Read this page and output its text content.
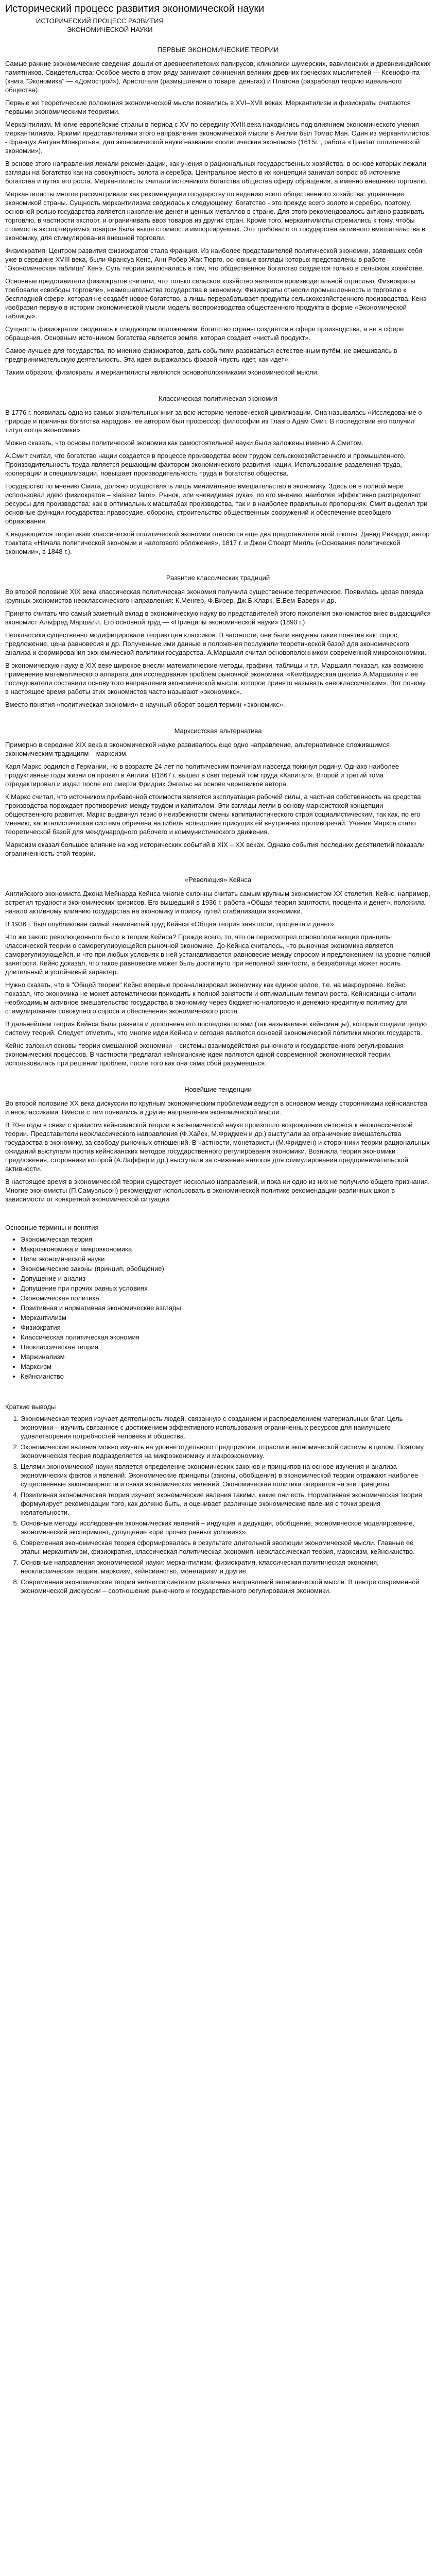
Исторический процесс развития экономической науки
ИСТОРИЧЕСКИЙ ПРОЦЕСС РАЗВИТИЯ
ЭКОНОМИЧЕСКОЙ НАУКИ
ПЕРВЫЕ ЭКОНОМИЧЕСКИЕ ТЕОРИИ

Самые ранние экономические сведения дошли от древнеегипетских папирусов, клинописи шумерских, вавилонских и древнеиндийских памятников. Свидетельства: Особое место в этом ряду занимают сочинения великих древних греческих мыслителей — Ксенофонта (книга "Экономика" — «Домострой»), Аристотеля (размышления о товаре, деньгах) и Платона (разработал теорию идеального общества).

Первые же теоретические положения экономической мысли появились в XVI–XVII веках. Меркантилизм и физиократы считаются первыми экономическими теориями.

Меркантилизм. Многие европейские страны в период с XV по середину XVIII века находились под влиянием экономического учения меркантилизма. Яркими представителями этого направления экономической мысли в Англии был Томас Ман. Один из меркантилистов - француз Антуан Монкретьен, дал экономической науке название «политическая экономия» (1615г. , работа «Трактат политической экономии»).

В основе этого направления лежали рекомендации, как учения о рациональных государственных хозяйства, в основе которых лежали взгляды на богатство как на совокупность золота и серебра. Центральное место в их концепции занимал вопрос об источнике богатства и путях его роста. Меркантилисты считали источником богатства общества сферу обращения, а именно внешнюю торговлю.

Меркантилисты многое рассматривали как рекомендации государству по ведению всего общественного хозяйства: управление экономикой страны. Сущность меркантилизма сводилась к следующему: богатство - это прежде всего золото и серебро, поэтому, основной ролью государства является накопление денег и ценных металлов в стране. Для этого рекомендовалось активно развивать торговлю, в частности экспорт, и ограничивать ввоз товаров из других стран. Кроме того, меркантилисты стремились к тому, чтобы стоимость экспортируемых товаров была выше стоимости импортируемых. Это требовало от государства активного вмешательства в экономику, для стимулирования внешней торговли.

Физиократия. Центром развития физиократов стала Франция. Из наиболее представителей политической экономии, заявивших себя уже в середине XVIII века, были Франсуа Кенэ, Анн Робер Жак Тюрго, основные взгляды которых представлены в работе "Экономическая таблица" Кенэ. Суть теории заключалась в том, что общественное богатство создаётся только в сельском хозяйстве.

Основные представители физиократов считали, что только сельское хозяйство является производительной отраслью. Физиократы требовали «свободы торговли», невмешательства государства в экономику. Физиократы отнесли промышленность и торговлю к бесплодной сфере, которая не создаёт новое богатство, а лишь перерабатывает продукты сельскохозяйственного производства. Кенэ изобразил первую в истории экономической мысли модель воспроизводства общественного продукта в форме «Экономической таблицы».

Сущность физиократии сводилась к следующим положениям: богатство страны создаётся в сфере производства, а не в сфере обращения. Основным источником богатства является земля, которая создает «чистый продукт».

Самое лучшее для государства, по мнению физиократов, дать событиям развиваться естественным путём, не вмешиваясь в предпринимательскую деятельность. Эта идея выражалась фразой «пусть идет, как идет».

Таким образом, физиократы и меркантилисты являются основоположниками экономической мысли.

Классическая политическая экономия

В 1776 г. появилась одна из самых значительных книг за всю историю человеческой цивилизации. Она называлась «Исследование о природе и причинах богатства народов», её автором был профессор философии из Глазго Адам Смит. В последствии его получил титул «отца экономики».

Можно сказать, что основы политической экономии как самостоятельной науки были заложены именно А.Смитом.

А.Смит считал, что богатство нации создается в процессе производства всем трудом сельскохозяйственного и промышленного. Производительность труда является решающим фактором экономического развития нации. Использование разделения труда, кооперации и специализации, повышает производительность труда и богатство общества.

Государство по мнению Смита, должно осуществлять лишь минимальное вмешательство в экономику. Здесь он в полной мере использовал идею физиократов – «laissez faire». Рынок, или «невидимая рука», по его мнению, наиболее эффективно распределяет ресурсы для производства: как в оптимальных масштабах производства, так и в наиболее правильных пропорциях. Смит выделил три основные функции государства: правосудие, оборона, строительство общественных сооружений и обеспечение всеобщего образования.

К выдающимся теоретикам классической политической экономии относятся еще два представителя этой школы: Давид Рикардо, автор трактата «Начала политической экономии и налогового обложения», 1817 г. и Джон Стюарт Милль («Основания политической экономии», в 1848 г.).

Развитие классических традиций

Во второй половине XIX века классическая политическая экономия получила существенное теоретическое. Появилась целая плеяда крупных экономистов неоклассического направления: К.Менгер, Ф.Визер, Дж.Б.Кларк, Е.Бем-Баверк и др.

Принято считать что самый заметный вклад в экономическую науку во представителей этого поколения экономистов внес выдающийся экономист Альфред Маршалл. Его основной труд — «Принципы экономической науки» (1890 г.)

Неоклассики существенно модифицировали теорию цен классиков. В частности, они были введены такие понятия как: спрос, предложение, цена равновесия и др. Полученные ими данные и положения послужили теоретической базой для экономического анализа и формирования экономической политики государства. А.Маршалл считал основоположником современной микроэкономики.

В экономическую науку в XIX веке широкое внесли математические методы, графики, таблицы и т.п. Маршалл показал, как возможно применение математического аппарата для исследования проблем рыночной экономики. «Кембриджская школа» А.Маршалла и ее последователи составили основу того направления экономической мысли, которое принято называть «неоклассическим». Вот почему в настоящее время работы этих экономистов часто называют «экономикс».

Вместо понятия «политическая экономия» в научный оборот вошел термин «экономикс».

Марксистская альтернатива

Примерно в середине XIX века в экономической науке развивалось еще одно направление, альтернативное сложившимся экономическим традициям – марксизм.

Карл Маркс родился в Германии, но в возрасте 24 лет по политическим причинам навсегда покинул родину. Однако наиболее продуктивные годы жизни он провел в Англии. В1867 г. вышел в свет первый том труда «Капитал». Второй и третий тома отредактировал и издал после его смерти Фридрих Энгельс на основе черновиков автора.

К.Маркс считал, что источником прибавочной стоимости является эксплуатация рабочей силы, а частная собственность на средства производства порождает противоречия между трудом и капиталом. Эти взгляды легли в основу марксистской концепции общественного развития. Маркс выдвинул тезис о неизбежности смены капиталистического строя социалистическим, так как, по его мнению, капиталистическая система обречена на гибель вследствие присущих ей внутренних противоречий. Учение Маркса стало теоретической базой для международного рабочего и коммунистического движения.

Марксизм оказал большое влияние на ход исторических событий в XIX – XX веках. Однако события последних десятилетий показали ограниченность этой теории.

«Революция» Кейнса

Английского экономиста Джона Мейнарда Кейнса многие склонны считать самым крупным экономистом XX столетия. Кейнс, например, встретил трудности экономических кризисов. Его вышедший в 1936 г. работа «Общая теория занятости, процента и денег», положила начало активному влиянию государства на экономику и поиску путей стабилизации экономики.

В 1936 г. был опубликован самый знаменитый труд Кейнса «Общая теория занятости, процента и денег».

Что же такого революционного было в теории Кейнса? Прежде всего, то, что он пересмотрел основополагающие принципы классической теории о саморегулирующейся рыночной экономике. До Кейнса считалось, что рыночная экономика является саморегулирующейся, и что при любых условиях в ней устанавливается равновесие между спросом и предложением на уровне полной занятости. Кейнс доказал, что такое равновесие может быть достигнуто при неполной занятости, а безработица может носить длительный и устойчивый характер.

Нужно сказать, что в "Общей теории" Кейнс впервые проанализировал экономику как единое целое, т.е. на макроуровне. Кейнс показал, что экономика не может автоматически приходить к полной занятости и оптимальным темпам роста. Кейнсианцы считали необходимым активное вмешательство государства в экономику через бюджетно-налоговую и денежно-кредитную политику для стимулирования совокупного спроса и обеспечения экономического роста.

В дальнейшем теория Кейнса была развита и дополнена его последователями (так называемые кейнсианцы), которые создали целую систему теорий. Следует отметить, что многие идеи Кейнса и сегодня являются основой экономической политики многих государств.

Кейнс заложил основы теории смешанной экономики – системы взаимодействия рыночного и государственного регулирования экономических процессов. В частности предлагал кейнсианские идеи являются одной современной экономической теории, использовалась при решении проблем, после того как она сама сбой разумеешься.

Новейшие тенденции

Во второй половине XX века дискуссии по крупным экономическим проблемам ведутся в основном между сторонниками кейнсианства и неоклассиками. Вместе с тем появились и другие направления экономической мысли.

В 70-е годы в связи с кризисом кейнсианской теории в экономической науке произошло возрождение интереса к неоклассической теории. Представители неоклассического направления (Ф.Хайек, М.Фридмен и др.) выступали за ограничение вмешательства государства в экономику, за свободу рыночных отношений. В частности, монетаристы (М.Фридмен) и сторонники теории рациональных ожиданий выступали против кейнсианских методов государственного регулирования экономики. Возникла теория экономики предложения, сторонники которой (А.Лаффер и др.) выступали за снижение налогов для стимулирования предпринимательской активности.

В настоящее время в экономической теории существует несколько направлений, и пока ни одно из них не получило общего признания. Многие экономисты (П.Самуэльсон) рекомендуют использовать в экономической политике рекомендации различных школ в зависимости от конкретной экономической ситуации.

Основные термины и понятия
• Экономическая теория
• Макроэкономика и микроэкономика
• Цели экономической науки
• Экономические законы (принцип, обобщение)
• Допущение и анализ
• Допущение при прочих равных условиях
• Экономическая политика
• Позитивная и нормативная экономические взгляды
• Меркантилизм
• Физиократия
• Классическая политическая экономия
• Неоклассическая теория
• Маржинализм
• Марксизм
• Кейнсианство
Краткие выводы
1. Экономическая теория изучает деятельность людей, связанную с созданием и распределением материальных благ. Цель экономики – изучить связанное с достижением эффективного использования ограниченных ресурсов для наилучшего удовлетворения потребностей человека и общества.
2. Экономические явления можно изучать на уровне отдельного предприятия, отрасли и экономической системы в целом. Поэтому экономическая теория подразделяется на микроэкономику и макроэкономику.
3. Целями экономической науки является определение экономических законов и принципов на основе изучения и анализа экономических фактов и явлений. Экономические принципы (законы, обобщения) в экономической теории отражают наиболее существенные закономерности и связи экономических явлений. Экономическая политика опирается на эти принципы.
4. Позитивная экономическая теория изучает экономические явления такими, какие они есть. Нормативная экономическая теория формулирует рекомендации того, как должно быть, и оценивает различные экономические явления с точки зрения желательности.
5. Основные методы исследования экономических явлений – индукция и дедукция, обобщение, экономическое моделирование, экономический эксперимент, допущение «при прочих равных условиях».
6. Современная экономическая теория сформировалась в результате длительной эволюции экономической мысли. Главные её этапы: меркантилизм, физиократия, классическая политическая экономия, неоклассическая теория, марксизм, кейнсианство.
7. Основные направления экономической науки: меркантилизм, физиократия, классическая политическая экономия, неоклассическая теория, марксизм, кейнсианство, монетаризм и другие.
8. Современная экономическая теория является синтезом различных направлений экономической мысли. В центре современной экономической дискуссии – соотношение рыночного и государственного регулирования экономики.
